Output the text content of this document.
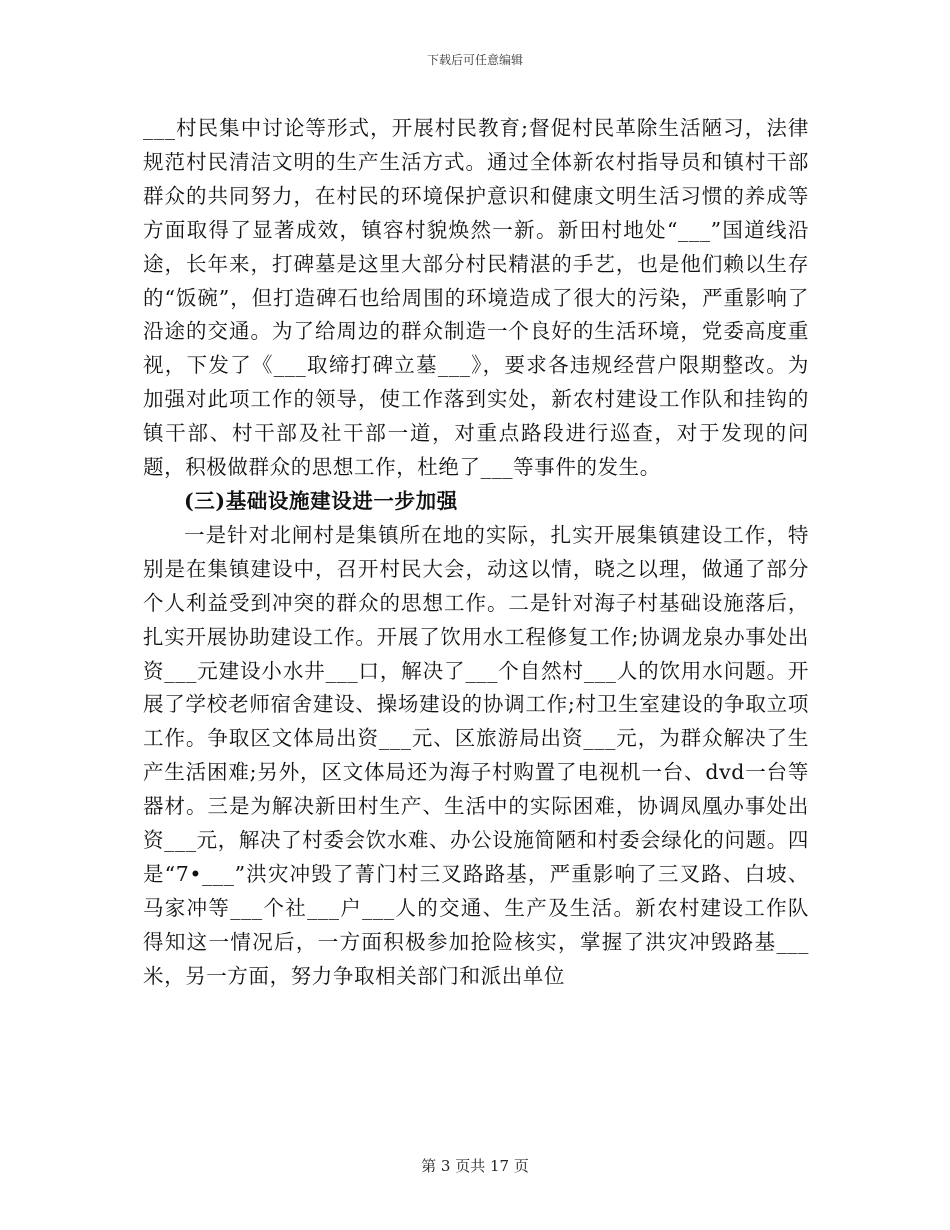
下载后可任意编辑

___村民集中讨论等形式，开展村民教育;督促村民革除生活陋习，法律规范村民清洁文明的生产生活方式。通过全体新农村指导员和镇村干部群众的共同努力，在村民的环境保护意识和健康文明生活习惯的养成等方面取得了显著成效，镇容村貌焕然一新。新田村地处“___”国道线沿途，长年来，打碑墓是这里大部分村民精湛的手艺，也是他们赖以生存的“饭碗”，但打造碑石也给周围的环境造成了很大的污染，严重影响了沿途的交通。为了给周边的群众制造一个良好的生活环境，党委高度重视，下发了《___取缔打碑立墓___》，要求各违规经营户限期整改。为加强对此项工作的领导，使工作落到实处，新农村建设工作队和挂钩的镇干部、村干部及社干部一道，对重点路段进行巡查，对于发现的问题，积极做群众的思想工作，杜绝了___等事件的发生。

(三)基础设施建设进一步加强

一是针对北闸村是集镇所在地的实际，扎实开展集镇建设工作，特别是在集镇建设中，召开村民大会，动这以情，晓之以理，做通了部分个人利益受到冲突的群众的思想工作。二是针对海子村基础设施落后，扎实开展协助建设工作。开展了饮用水工程修复工作;协调龙泉办事处出资___元建设小水井___口，解决了___个自然村___人的饮用水问题。开展了学校老师宿舍建设、操场建设的协调工作;村卫生室建设的争取立项工作。争取区文体局出资___元、区旅游局出资___元，为群众解决了生产生活困难;另外，区文体局还为海子村购置了电视机一台、dvd一台等器材。三是为解决新田村生产、生活中的实际困难，协调凤凰办事处出资___元，解决了村委会饮水难、办公设施简陋和村委会绿化的问题。四是“7•___”洪灾冲毁了菁门村三叉路路基，严重影响了三叉路、白坡、马家冲等___个社___户___人的交通、生产及生活。新农村建设工作队得知这一情况后，一方面积极参加抢险核实，掌握了洪灾冲毁路基___米，另一方面，努力争取相关部门和派出单位

第 3 页共 17 页
